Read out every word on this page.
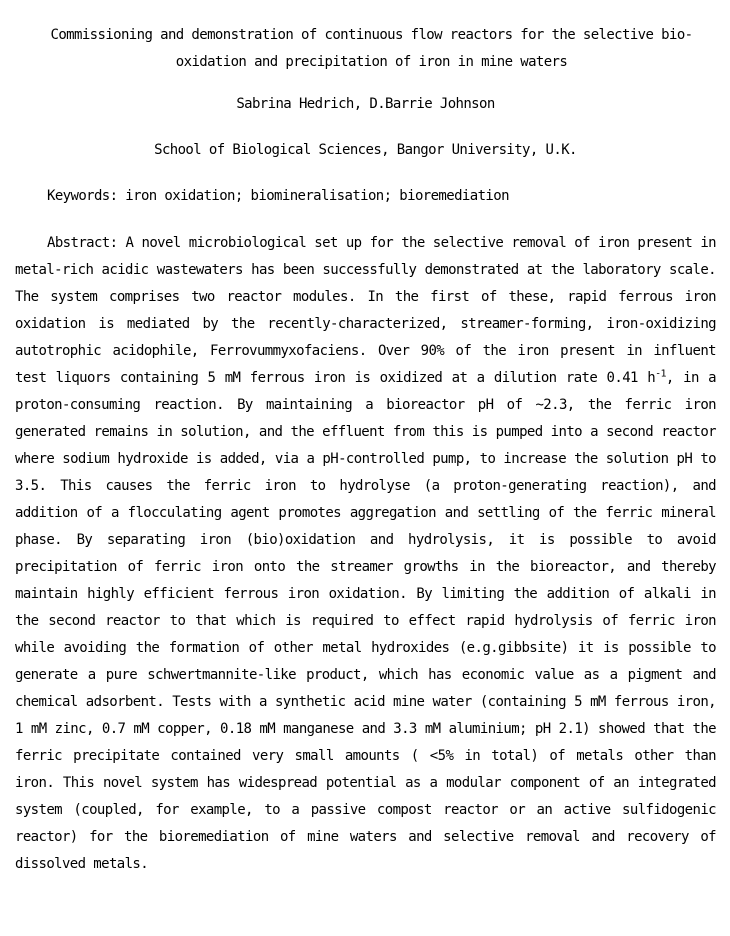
Commissioning and demonstration of continuous flow reactors for the selective bio-oxidation and precipitation of iron in mine waters
Sabrina Hedrich, D.Barrie Johnson
School of Biological Sciences, Bangor University, U.K.
Keywords: iron oxidation; biomineralisation; bioremediation
Abstract: A novel microbiological set up for the selective removal of iron present in metal-rich acidic wastewaters has been successfully demonstrated at the laboratory scale. The system comprises two reactor modules. In the first of these, rapid ferrous iron oxidation is mediated by the recently-characterized, streamer-forming, iron-oxidizing autotrophic acidophile, Ferrovummyxofaciens. Over 90% of the iron present in influent test liquors containing 5 mM ferrous iron is oxidized at a dilution rate 0.41 $h^{-1}$, in a proton-consuming reaction. By maintaining a bioreactor pH of ~2.3, the ferric iron generated remains in solution, and the effluent from this is pumped into a second reactor where sodium hydroxide is added, via a pH-controlled pump, to increase the solution pH to 3.5. This causes the ferric iron to hydrolyse (a proton-generating reaction), and addition of a flocculating agent promotes aggregation and settling of the ferric mineral phase. By separating iron (bio)oxidation and hydrolysis, it is possible to avoid precipitation of ferric iron onto the streamer growths in the bioreactor, and thereby maintain highly efficient ferrous iron oxidation. By limiting the addition of alkali in the second reactor to that which is required to effect rapid hydrolysis of ferric iron while avoiding the formation of other metal hydroxides (e.g.gibbsite) it is possible to generate a pure schwertmannite-like product, which has economic value as a pigment and chemical adsorbent. Tests with a synthetic acid mine water (containing 5 mM ferrous iron, 1 mM zinc, 0.7 mM copper, 0.18 mM manganese and 3.3 mM aluminium; pH 2.1) showed that the ferric precipitate contained very small amounts ( <5% in total) of metals other than iron. This novel system has widespread potential as a modular component of an integrated system (coupled, for example, to a passive compost reactor or an active sulfidogenic reactor) for the bioremediation of mine waters and selective removal and recovery of dissolved metals.
